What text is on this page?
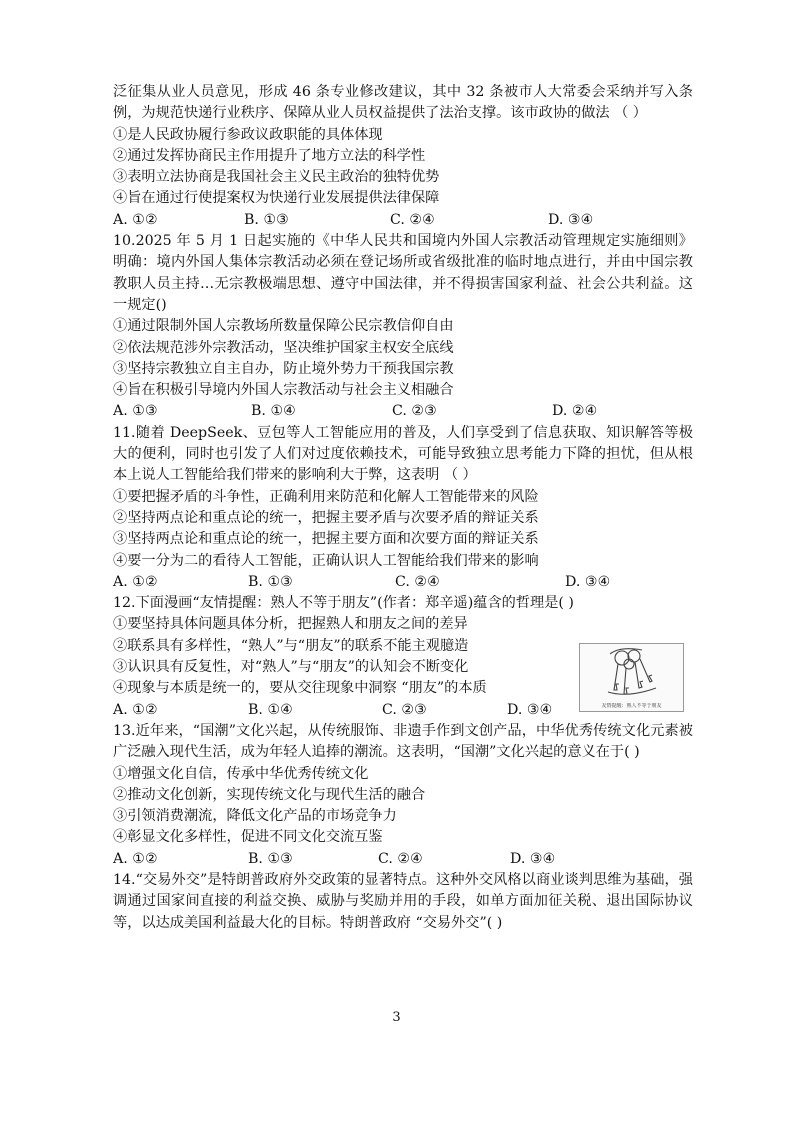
泛征集从业人员意见，形成 46 条专业修改建议，其中 32 条被市人大常委会采纳并写入条例，为规范快递行业秩序、保障从业人员权益提供了法治支撑。该市政协的做法 （ ）

①是人民政协履行参政议政职能的具体体现

②通过发挥协商民主作用提升了地方立法的科学性

③表明立法协商是我国社会主义民主政治的独特优势

④旨在通过行使提案权为快递行业发展提供法律保障

A. ①②	B. ①③	C. ②④	D. ③④

10.2025 年 5 月 1 日起实施的《中华人民共和国境内外国人宗教活动管理规定实施细则》明确：境内外国人集体宗教活动必须在登记场所或省级批准的临时地点进行，并由中国宗教教职人员主持…无宗教极端思想、遵守中国法律，并不得损害国家利益、社会公共利益。这一规定()

①通过限制外国人宗教场所数量保障公民宗教信仰自由

②依法规范涉外宗教活动，坚决维护国家主权安全底线

③坚持宗教独立自主自办，防止境外势力干预我国宗教

④旨在积极引导境内外国人宗教活动与社会主义相融合

A. ①③	B. ①④	C. ②③	D. ②④

11.随着 DeepSeek、豆包等人工智能应用的普及，人们享受到了信息获取、知识解答等极大的便利，同时也引发了人们对过度依赖技术，可能导致独立思考能力下降的担忧，但从根本上说人工智能给我们带来的影响利大于弊，这表明 （ ）

①要把握矛盾的斗争性，正确利用来防范和化解人工智能带来的风险

②坚持两点论和重点论的统一，把握主要矛盾与次要矛盾的辩证关系

③坚持两点论和重点论的统一，把握主要方面和次要方面的辩证关系

④要一分为二的看待人工智能，正确认识人工智能给我们带来的影响

A. ①②	B. ①③	C. ②④	D. ③④

12.下面漫画“友情提醒：熟人不等于朋友”(作者：郑辛遥)蕴含的哲理是( )

①要坚持具体问题具体分析，把握熟人和朋友之间的差异

②联系具有多样性，“熟人”与“朋友”的联系不能主观臆造

③认识具有反复性，对“熟人”与“朋友”的认知会不断变化

④现象与本质是统一的，要从交往现象中洞察 “朋友”的本质

A. ①②	B. ①④	C. ②③	D. ③④

13.近年来，“国潮”文化兴起，从传统服饰、非遗手作到文创产品，中华优秀传统文化元素被广泛融入现代生活，成为年轻人追捧的潮流。这表明，“国潮”文化兴起的意义在于( )

①增强文化自信，传承中华优秀传统文化

②推动文化创新，实现传统文化与现代生活的融合

③引领消费潮流，降低文化产品的市场竞争力

④彰显文化多样性，促进不同文化交流互鉴

A. ①②	B. ①③	C. ②④	D. ③④

14.“交易外交”是特朗普政府外交政策的显著特点。这种外交风格以商业谈判思维为基础，强调通过国家间直接的利益交换、威胁与奖励并用的手段，如单方面加征关税、退出国际协议等，以达成美国利益最大化的目标。特朗普政府 “交易外交”( )

友情提醒：熟人不等于朋友
3
